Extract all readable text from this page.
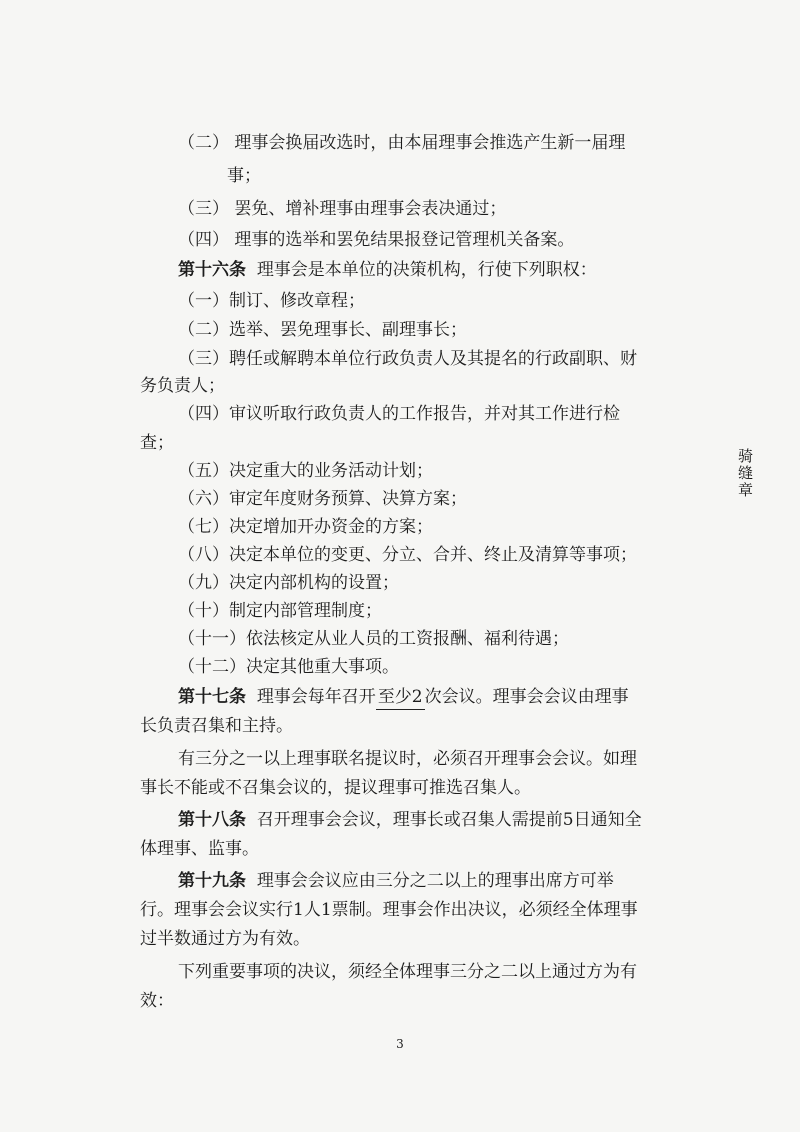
（二） 理事会换届改选时，由本届理事会推选产生新一届理
事；
（三） 罢免、增补理事由理事会表决通过；
（四） 理事的选举和罢免结果报登记管理机关备案。
第十六条 理事会是本单位的决策机构，行使下列职权：
（一）制订、修改章程；
（二）选举、罢免理事长、副理事长；
（三）聘任或解聘本单位行政负责人及其提名的行政副职、财
务负责人；
（四）审议听取行政负责人的工作报告，并对其工作进行检
查；
（五）决定重大的业务活动计划；
（六）审定年度财务预算、决算方案；
（七）决定增加开办资金的方案；
（八）决定本单位的变更、分立、合并、终止及清算等事项；
（九）决定内部机构的设置；
（十）制定内部管理制度；
（十一）依法核定从业人员的工资报酬、福利待遇；
（十二）决定其他重大事项。
第十七条 理事会每年召开 至少2 次会议。理事会会议由理事
长负责召集和主持。
有三分之一以上理事联名提议时，必须召开理事会会议。如理
事长不能或不召集会议的，提议理事可推选召集人。
第十八条 召开理事会会议，理事长或召集人需提前5日通知全
体理事、监事。
第十九条 理事会会议应由三分之二以上的理事出席方可举
行。理事会会议实行1人1票制。理事会作出决议，必须经全体理事
过半数通过方为有效。
下列重要事项的决议，须经全体理事三分之二以上通过方为有
效：
骑缝章
3
